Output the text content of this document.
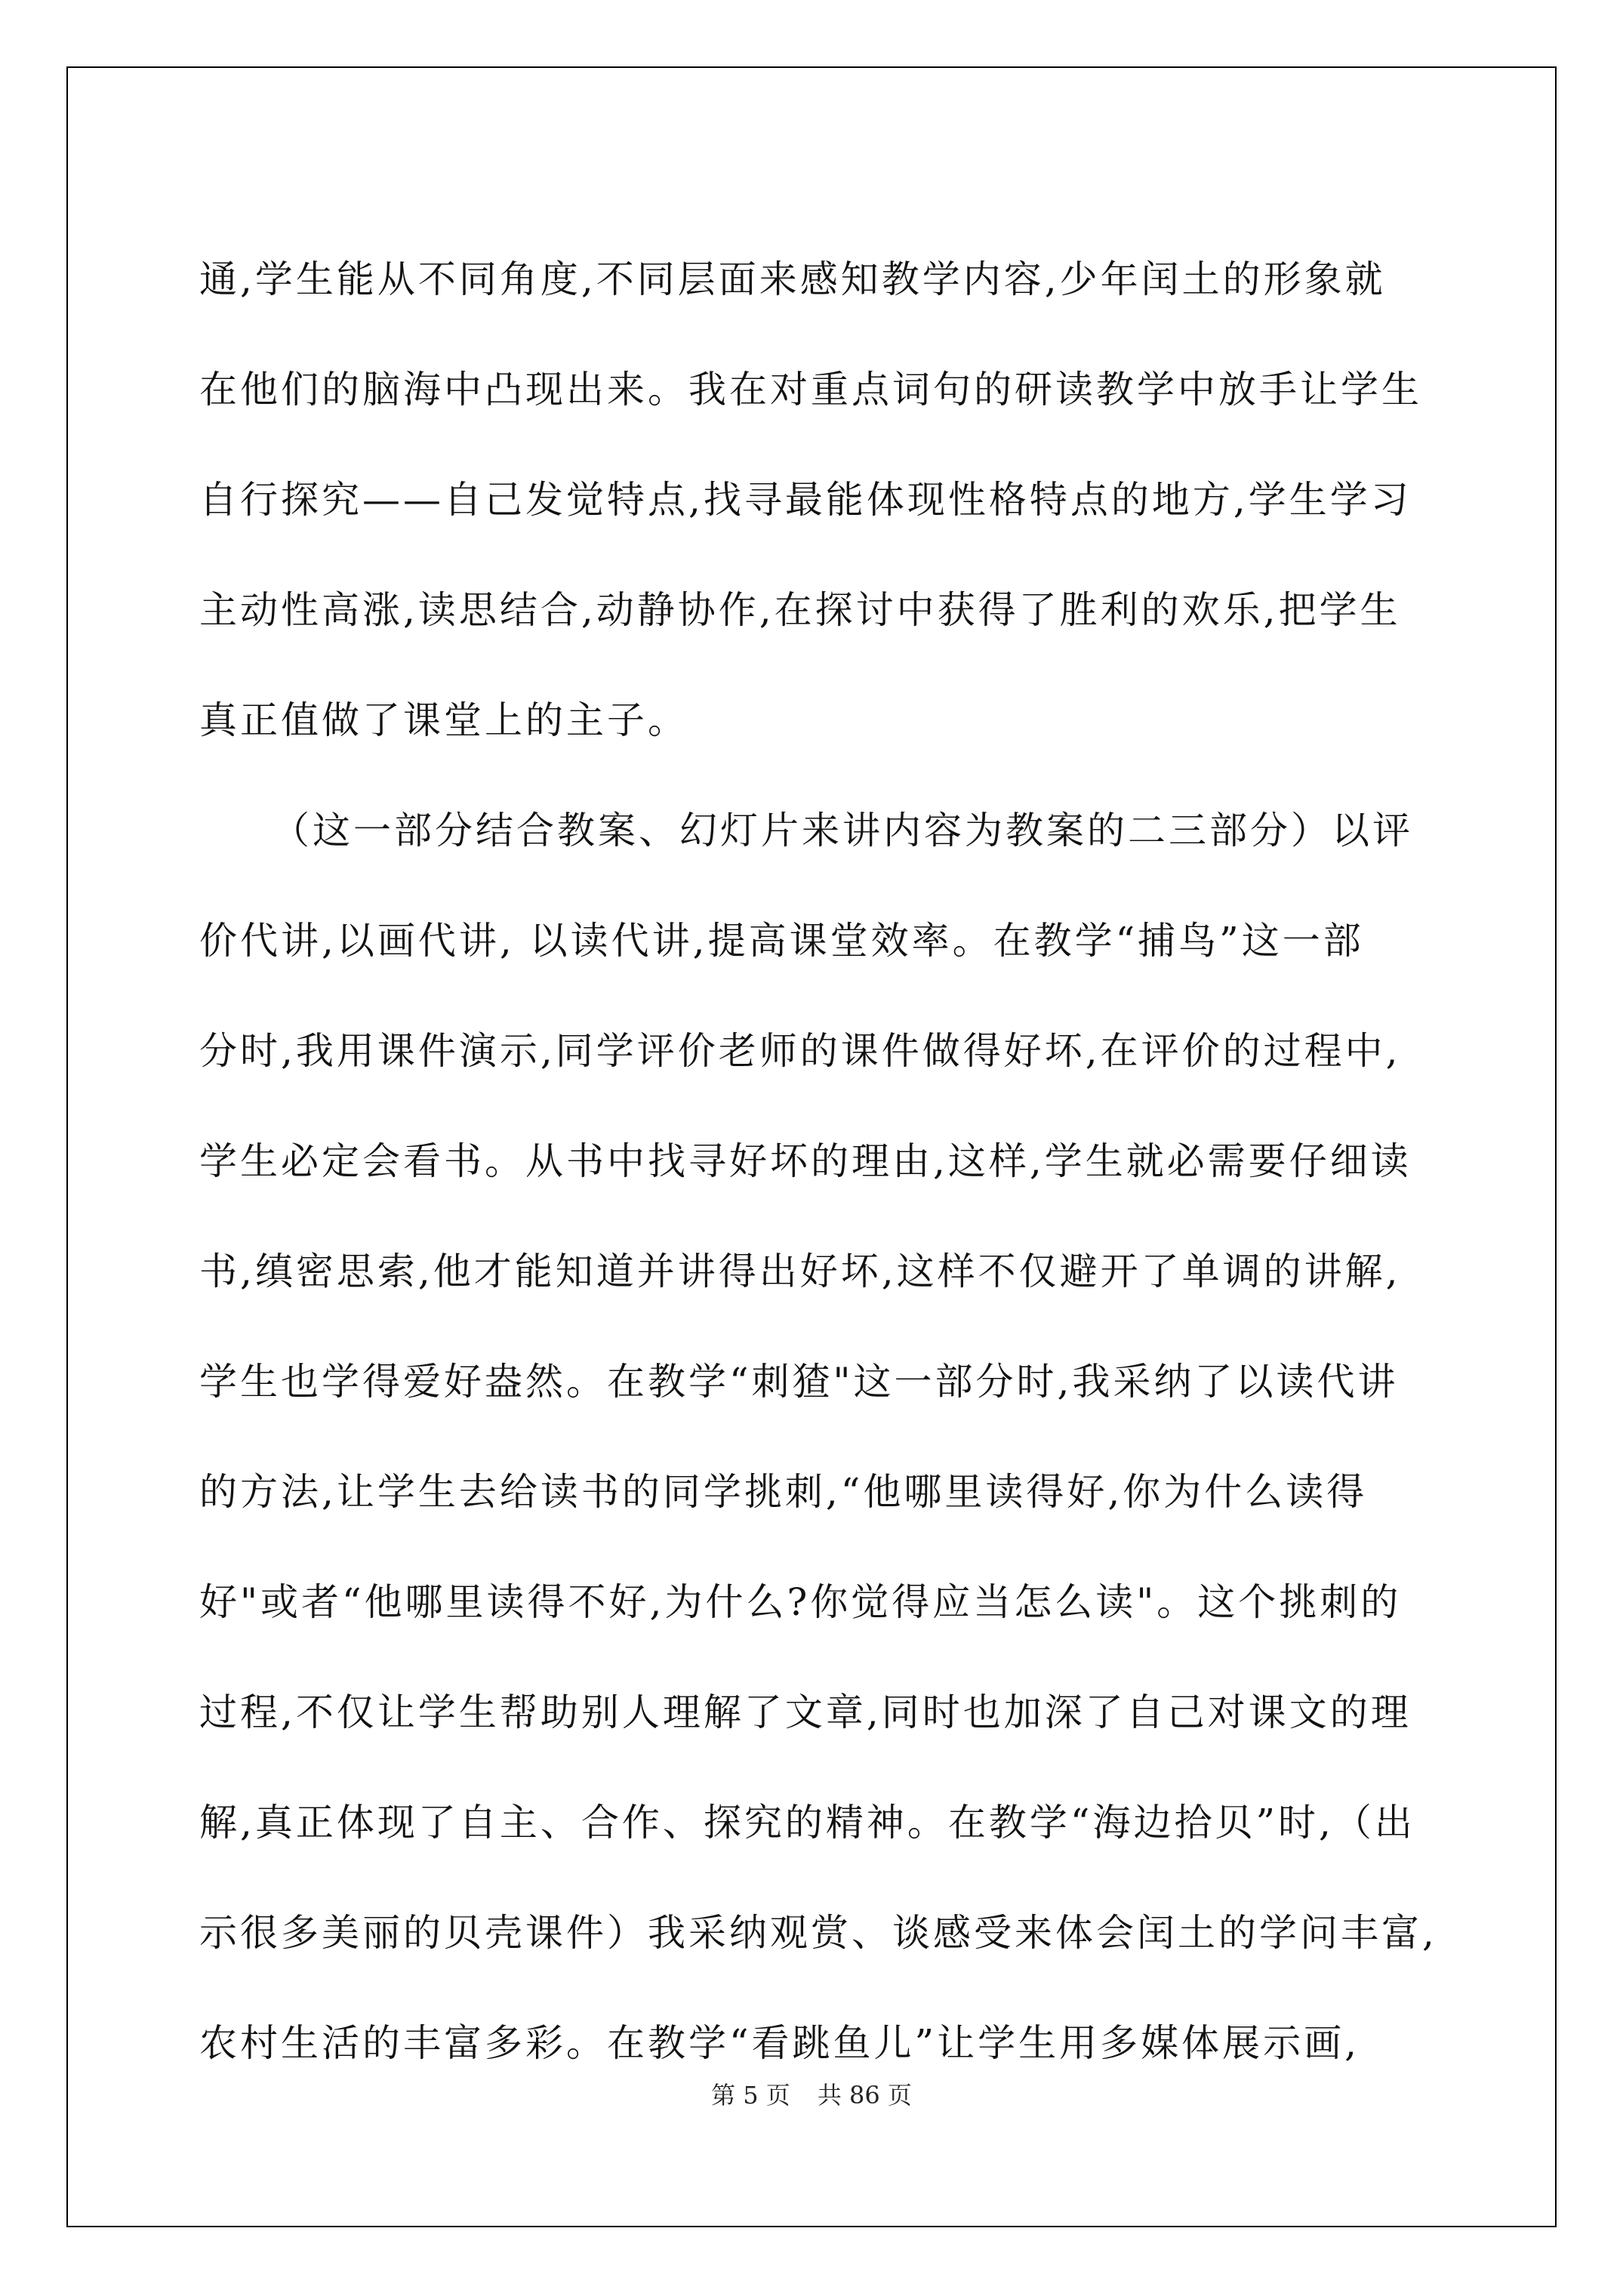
通,学生能从不同角度,不同层面来感知教学内容,少年闰土的形象就

在他们的脑海中凸现出来。我在对重点词句的研读教学中放手让学生

自行探究——自己发觉特点,找寻最能体现性格特点的地方,学生学习

主动性高涨,读思结合,动静协作,在探讨中获得了胜利的欢乐,把学生

真正值做了课堂上的主子。

（这一部分结合教案、幻灯片来讲内容为教案的二三部分）以评

价代讲,以画代讲, 以读代讲,提高课堂效率。在教学“捕鸟”这一部

分时,我用课件演示,同学评价老师的课件做得好坏,在评价的过程中,

学生必定会看书。从书中找寻好坏的理由,这样,学生就必需要仔细读

书,缜密思索,他才能知道并讲得出好坏,这样不仅避开了单调的讲解,

学生也学得爱好盎然。在教学“刺猹"这一部分时,我采纳了以读代讲

的方法,让学生去给读书的同学挑刺,“他哪里读得好,你为什么读得

好"或者“他哪里读得不好,为什么?你觉得应当怎么读"。这个挑刺的

过程,不仅让学生帮助别人理解了文章,同时也加深了自己对课文的理

解,真正体现了自主、合作、探究的精神。在教学“海边拾贝”时,（出

示很多美丽的贝壳课件）我采纳观赏、谈感受来体会闰土的学问丰富,

农村生活的丰富多彩。在教学“看跳鱼儿”让学生用多媒体展示画,

第 5 页 共 86 页
